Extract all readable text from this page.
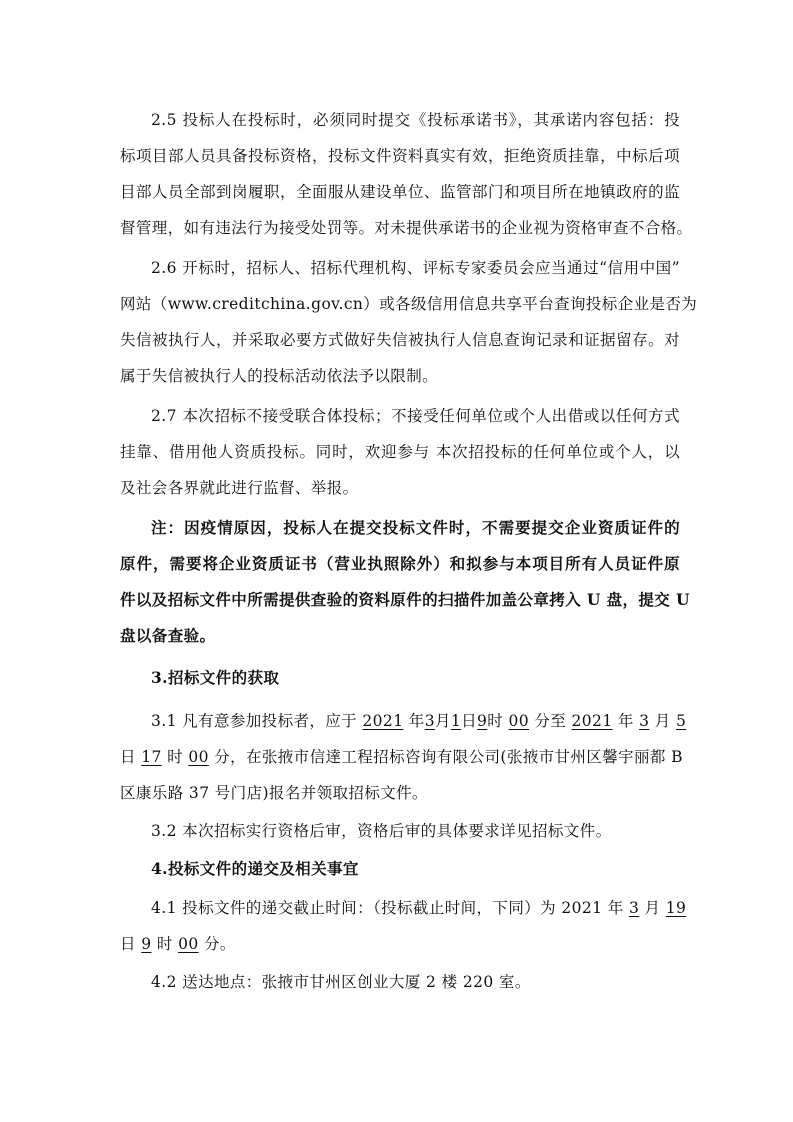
2.5 投标人在投标时，必须同时提交《投标承诺书》，其承诺内容包括：投
标项目部人员具备投标资格，投标文件资料真实有效，拒绝资质挂靠，中标后项
目部人员全部到岗履职，全面服从建设单位、监管部门和项目所在地镇政府的监
督管理，如有违法行为接受处罚等。对未提供承诺书的企业视为资格审查不合格。
2.6 开标时，招标人、招标代理机构、评标专家委员会应当通过“信用中国”
网站（www.creditchina.gov.cn）或各级信用信息共享平台查询投标企业是否为
失信被执行人，并采取必要方式做好失信被执行人信息查询记录和证据留存。对
属于失信被执行人的投标活动依法予以限制。
2.7 本次招标不接受联合体投标；不接受任何单位或个人出借或以任何方式
挂靠、借用他人资质投标。同时，欢迎参与 本次招投标的任何单位或个人，以
及社会各界就此进行监督、举报。
注：因疫情原因，投标人在提交投标文件时，不需要提交企业资质证件的
原件，需要将企业资质证书（营业执照除外）和拟参与本项目所有人员证件原
件以及招标文件中所需提供查验的资料原件的扫描件加盖公章拷入 U 盘，提交 U
盘以备查验。
3.招标文件的获取
3.1 凡有意参加投标者，应于 2021 年3月1日9时 00 分至 2021 年 3 月 5
日 17 时 00 分，在张掖市信達工程招标咨询有限公司(张掖市甘州区馨宇丽都 B
区康乐路 37 号门店)报名并领取招标文件。
3.2 本次招标实行资格后审，资格后审的具体要求详见招标文件。
4.投标文件的递交及相关事宜
4.1 投标文件的递交截止时间：（投标截止时间，下同）为 2021 年 3 月 19
日 9 时 00 分。
4.2 送达地点：张掖市甘州区创业大厦 2 楼 220 室。
